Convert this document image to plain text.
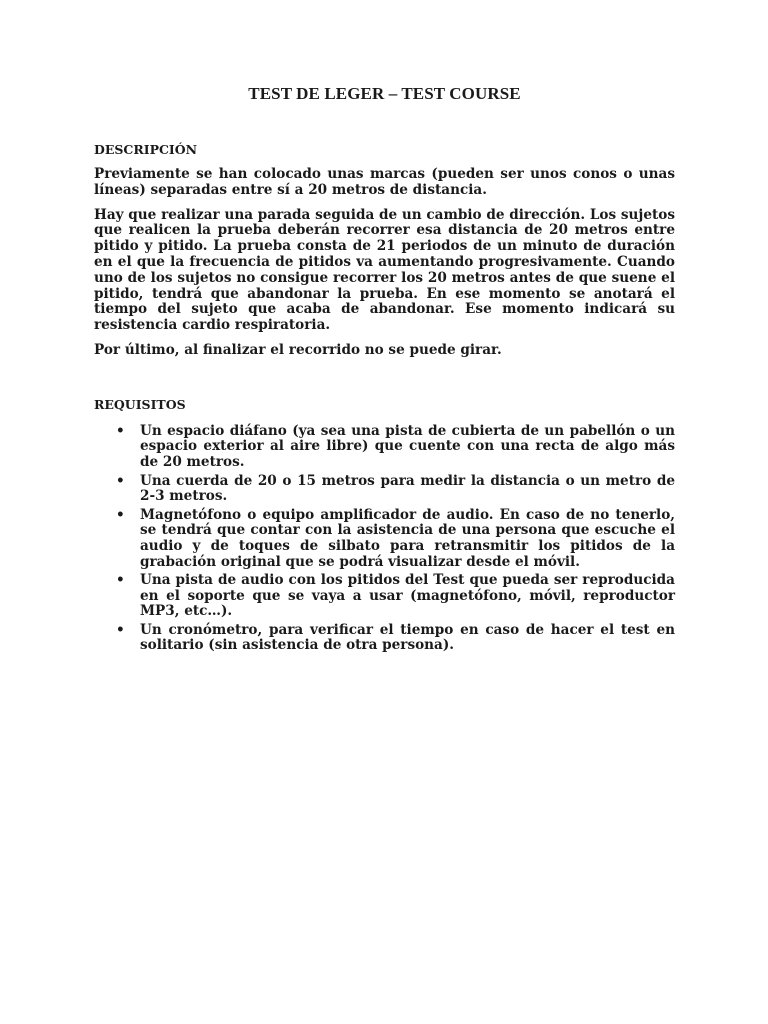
TEST DE LEGER – TEST COURSE
DESCRIPCIÓN

Previamente se han colocado unas marcas (pueden ser unos conos o unas líneas) separadas entre sí a 20 metros de distancia.

Hay que realizar una parada seguida de un cambio de dirección. Los sujetos que realicen la prueba deberán recorrer esa distancia de 20 metros entre pitido y pitido. La prueba consta de 21 periodos de un minuto de duración en el que la frecuencia de pitidos va aumentando progresivamente. Cuando uno de los sujetos no consigue recorrer los 20 metros antes de que suene el pitido, tendrá que abandonar la prueba. En ese momento se anotará el tiempo del sujeto que acaba de abandonar. Ese momento indicará su resistencia cardio respiratoria.

Por último, al finalizar el recorrido no se puede girar.

REQUISITOS
• Un espacio diáfano (ya sea una pista de cubierta de un pabellón o un espacio exterior al aire libre) que cuente con una recta de algo más de 20 metros.
• Una cuerda de 20 o 15 metros para medir la distancia o un metro de 2-3 metros.
• Magnetófono o equipo amplificador de audio. En caso de no tenerlo, se tendrá que contar con la asistencia de una persona que escuche el audio y de toques de silbato para retransmitir los pitidos de la grabación original que se podrá visualizar desde el móvil.
• Una pista de audio con los pitidos del Test que pueda ser reproducida en el soporte que se vaya a usar (magnetófono, móvil, reproductor MP3, etc…).
• Un cronómetro, para verificar el tiempo en caso de hacer el test en solitario (sin asistencia de otra persona).
